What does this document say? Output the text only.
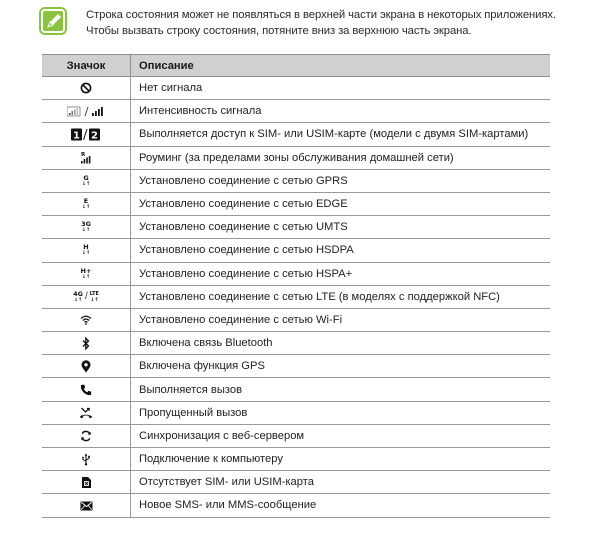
Строка состояния может не появляться в верхней части экрана в некоторых приложениях.
Чтобы вызвать строку состояния, потяните вниз за верхнюю часть экрана.
Значок	Описание

	Нет сигнала

	Интенсивность сигнала

1 2	Выполняется доступ к SIM- или USIM-карте (модели с двумя SIM-картами)

R	Роуминг (за пределами зоны обслуживания домашней сети)

G
↓↑	Установлено соединение с сетью GPRS

E
↓↑	Установлено соединение с сетью EDGE

3G
↓↑	Установлено соединение с сетью UMTS

H
↓↑	Установлено соединение с сетью HSDPA

H+
↓↑	Установлено соединение с сетью HSPA+

4G
↓↑ / LTE
↓↑	Установлено соединение с сетью LTE (в моделях с поддержкой NFC)

	Установлено соединение с сетью Wi-Fi

	Включена связь Bluetooth

	Включена функция GPS

	Выполняется вызов

	Пропущенный вызов

	Синхронизация с веб-сервером

	Подключение к компьютеру

	Отсутствует SIM- или USIM-карта

	Новое SMS- или MMS-сообщение
